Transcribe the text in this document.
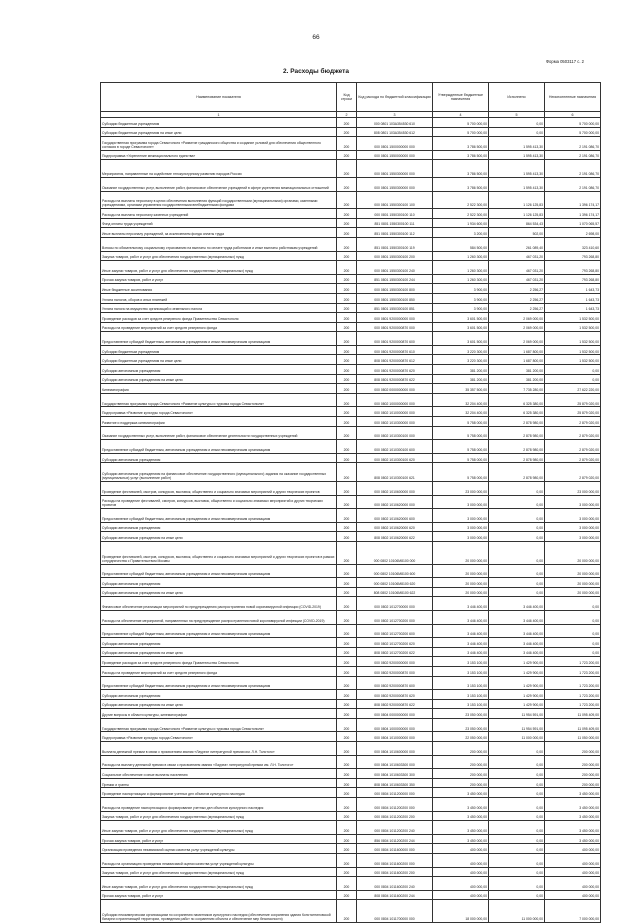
66
Форма 0503117 с. 2
2. Расходы бюджета
Наименование показателя	Код строки	Код расхода по бюджетной классификации	Утвержденные бюджетные назначения	Исполнено	Неисполненные назначения
1	2	3	4	5	6
Субсидии бюджетным учреждениям	200	000 0801 103А354530 610	5 700 000,00	0,00	5 700 000,00
Субсидии бюджетным учреждениям на иные цели	200	808 0801 103А354530 612	5 700 000,00	0,00	5 700 000,00
Государственная программа города Севастополя «Развитие гражданского общества и создание условий для обеспечения общественного согласия в городе Севастополе»	200	000 0801 1500000000 000	3 786 500,00	1 595 413,30	2 191 086,70
Подпрограмма «Укрепление межнационального единства»	200	000 0801 1550000000 000	3 786 500,00	1 595 413,30	2 191 086,70
Мероприятия, направленные на содействие этнокультурному развитию народов России	200	000 0801 1550300000 000	3 786 500,00	1 595 413,30	2 191 086,70
Оказание государственных услуг, выполнение работ, финансовое обеспечение учреждений в сфере укрепления межнациональных отношений	200	000 0801 1550300000 000	3 786 500,00	1 595 413,30	2 191 086,70
Расходы на выплаты персоналу в целях обеспечения выполнения функций государственными (муниципальными) органами, казенными учреждениями, органами управления государственными внебюджетными фондами	200	000 0801 1550300100 100	2 522 300,00	1 126 125,83	1 396 174,17
Расходы на выплаты персоналу казенных учреждений	200	000 0801 1550300100 110	2 522 300,00	1 126 125,83	1 396 174,17
Фонд оплаты труда учреждений	200	851 0801 1550300100 111	1 934 600,00	864 534,43	1 070 065,57
Иные выплаты персоналу учреждений, за исключением фонда оплаты труда	200	851 0801 1550300100 112	3 200,00	502,00	2 698,00
Взносы по обязательному социальному страхованию на выплаты по оплате труда работников и иные выплаты работникам учреждений	200	851 0801 1550300100 119	584 500,00	261 089,40	323 410,60
Закупка товаров, работ и услуг для обеспечения государственных (муниципальных) нужд	200	000 0801 1550300100 200	1 260 300,00	467 031,20	793 268,80
Иные закупки товаров, работ и услуг для обеспечения государственных (муниципальных) нужд	200	000 0801 1550300100 240	1 260 300,00	467 031,20	793 268,80
Прочая закупка товаров, работ и услуг	200	851 0801 1550300100 244	1 260 300,00	467 031,20	793 268,80
Иные бюджетные ассигнования	200	000 0801 1550300100 800	3 900,00	2 256,27	1 643,73
Уплата налогов, сборов и иных платежей	200	000 0801 1550300100 850	3 900,00	2 256,27	1 643,73
Уплата налога на имущество организаций и земельного налога	200	851 0801 1550300100 851	3 900,00	2 256,27	1 643,73
Проведение расходов за счет средств резервного фонда Правительства Севастополя	200	000 0801 9200000000 000	3 601 500,00	2 069 000,00	1 532 500,00
Расходы на проведение мероприятий за счет средств резервного фонда	200	000 0801 9200000870 000	3 601 500,00	2 069 000,00	1 532 500,00
Предоставление субсидий бюджетным, автономным учреждениям и иным некоммерческим организациям	200	000 0801 9200000870 600	3 601 500,00	2 069 000,00	1 532 500,00
Субсидии бюджетным учреждениям	200	000 0801 9200000870 610	3 220 300,00	1 687 800,00	1 532 500,00
Субсидии бюджетным учреждениям на иные цели	200	808 0801 9200000870 612	3 220 300,00	1 687 800,00	1 532 500,00
Субсидии автономным учреждениям	200	000 0801 9200000870 620	381 200,00	381 200,00	0,00
Субсидии автономным учреждениям на иные цели	200	808 0801 9200000870 622	381 200,00	381 200,00	0,00
Кинематография	200	000 0802 0000000000 000	35 357 500,00	7 735 280,00	27 622 220,00
Государственная программа города Севастополя «Развитие культуры и туризма города Севастополя»	200	000 0802 1000000000 000	32 204 400,00	6 325 380,00	25 879 020,00
Подпрограмма «Развитие культуры города Севастополя»	200	000 0802 1010000000 000	32 204 400,00	6 325 380,00	25 879 020,00
Развитие и поддержка кинематографии	200	000 0802 1010300000 000	5 758 000,00	2 878 980,00	2 879 020,00
Оказание государственных услуг, выполнение работ, финансовое обеспечение деятельности государственных учреждений	200	000 0802 1010300100 000	5 758 000,00	2 878 980,00	2 879 020,00
Предоставление субсидий бюджетным, автономным учреждениям и иным некоммерческим организациям	200	000 0802 1010300100 600	5 758 000,00	2 878 980,00	2 879 020,00
Субсидии автономным учреждениям	200	000 0802 1010300100 620	5 758 000,00	2 878 980,00	2 879 020,00
Субсидии автономным учреждениям на финансовое обеспечение государственного (муниципального) задания на оказание государственных (муниципальных) услуг (выполнение работ)	200	808 0802 1010300100 621	5 758 000,00	2 878 980,00	2 879 020,00
Проведение фестивалей, смотров, конкурсов, выставок, общественно и социально значимых мероприятий и других творческих проектов	200	000 0802 1010600000 000	23 000 000,00	0,00	23 000 000,00
Расходы на проведение фестивалей, смотров, конкурсов, выставок, общественно и социально значимых мероприятий и других творческих проектов	200	000 0802 1010620000 000	3 000 000,00	0,00	3 000 000,00
Предоставление субсидий бюджетным, автономным учреждениям и иным некоммерческим организациям	200	000 0802 1010620000 600	3 000 000,00	0,00	3 000 000,00
Субсидии автономным учреждениям	200	000 0802 1010620000 620	3 000 000,00	0,00	3 000 000,00
Субсидии автономным учреждениям на иные цели	200	808 0802 1010620000 622	3 000 000,00	0,00	3 000 000,00
Проведение фестивалей, смотров, конкурсов, выставок, общественно и социально значимых мероприятий и других творческих проектов в рамках сотрудничества с Правительством Москвы	200	000 0802 10106М8100 000	20 000 000,00	0,00	20 000 000,00
Предоставление субсидий бюджетным, автономным учреждениям и иным некоммерческим организациям	200	000 0802 10106М8100 600	20 000 000,00	0,00	20 000 000,00
Субсидии автономным учреждениям	200	000 0802 10106М8100 620	20 000 000,00	0,00	20 000 000,00
Субсидии автономным учреждениям на иные цели	200	808 0802 10106М8100 622	20 000 000,00	0,00	20 000 000,00
Финансовое обеспечение реализации мероприятий по предупреждению распространения новой коронавирусной инфекции (COVID-2019)	200	000 0802 1012700000 000	3 446 400,00	3 446 400,00	0,00
Расходы на обеспечение мероприятий, направленных на предупреждение распространения новой коронавирусной инфекции (COVID-2019)	200	000 0802 1012700200 000	3 446 400,00	3 446 400,00	0,00
Предоставление субсидий бюджетным, автономным учреждениям и иным некоммерческим организациям	200	000 0802 1012700200 600	3 446 400,00	3 446 400,00	0,00
Субсидии автономным учреждениям	200	000 0802 1012700200 620	3 446 400,00	3 446 400,00	0,00
Субсидии автономным учреждениям на иные цели	200	808 0802 1012700200 622	3 446 400,00	3 446 400,00	0,00
Проведение расходов за счет средств резервного фонда Правительства Севастополя	200	000 0802 9200000000 000	3 153 100,00	1 429 900,00	1 723 200,00
Расходы на проведение мероприятий за счет средств резервного фонда	200	000 0802 9200000870 000	3 153 100,00	1 429 900,00	1 723 200,00
Предоставление субсидий бюджетным, автономным учреждениям и иным некоммерческим организациям	200	000 0802 9200000870 600	3 153 100,00	1 429 900,00	1 723 200,00
Субсидии автономным учреждениям	200	000 0802 9200000870 620	3 153 100,00	1 429 900,00	1 723 200,00
Субсидии автономным учреждениям на иные цели	200	808 0802 9200000870 622	3 153 100,00	1 429 900,00	1 723 200,00
Другие вопросы в области культуры, кинематографии	200	000 0804 0000000000 000	23 050 000,00	11 954 591,00	11 095 409,00
Государственная программа города Севастополя «Развитие культуры и туризма города Севастополя»	200	000 0804 1000000000 000	23 050 000,00	11 954 591,00	11 095 409,00
Подпрограмма «Развитие культуры города Севастополя»	200	000 0804 1010000000 000	22 050 000,00	11 000 000,00	11 050 000,00
Выплата денежной премии в связи с присвоением звания «Лауреат литературной премии им. Л.Н. Толстого»	200	000 0804 1010600000 000	200 000,00	0,00	200 000,00
Расходы на выплату денежной премии в связи с присвоением звания «Лауреат литературной премии им. Л.Н. Толстого»	200	000 0804 1010603300 000	200 000,00	0,00	200 000,00
Социальное обеспечение и иные выплаты населению	200	000 0804 1010603300 300	200 000,00	0,00	200 000,00
Премии и гранты	200	808 0804 1010603300 350	200 000,00	0,00	200 000,00
Проведение паспортизации и формирование учетных дел объектов культурного наследия	200	000 0804 1011200000 000	3 450 000,00	0,00	3 450 000,00
Расходы на проведение паспортизации и формирование учетных дел объектов культурного наследия	200	000 0804 1011200200 000	3 450 000,00	0,00	3 450 000,00
Закупка товаров, работ и услуг для обеспечения государственных (муниципальных) нужд	200	000 0804 1011200200 200	3 450 000,00	0,00	3 450 000,00
Иные закупки товаров, работ и услуг для обеспечения государственных (муниципальных) нужд	200	000 0804 1011200200 240	3 450 000,00	0,00	3 450 000,00
Прочая закупка товаров, работ и услуг	200	856 0804 1011200200 244	3 450 000,00	0,00	3 450 000,00
Организация проведения независимой оценки качества услуг учреждений культуры	200	000 0804 1011600000 000	400 000,00	0,00	400 000,00
Расходы на организацию проведения независимой оценки качества услуг учреждений культуры	200	000 0804 1011600200 000	400 000,00	0,00	400 000,00
Закупка товаров, работ и услуг для обеспечения государственных (муниципальных) нужд	200	000 0804 1011600200 200	400 000,00	0,00	400 000,00
Иные закупки товаров, работ и услуг для обеспечения государственных (муниципальных) нужд	200	000 0804 1011600200 240	400 000,00	0,00	400 000,00
Прочая закупка товаров, работ и услуг	200	808 0804 1011600200 244	400 000,00	0,00	400 000,00
Субсидии некоммерческим организациям по сохранению памятников культурного наследия (обеспечение сохранения здания Константиновской батареи и прилегающей территории, проведения работ по сохранению объекта и обеспечение мер безопасности)	200	000 0804 1011700000 000	18 000 000,00	11 000 000,00	7 000 000,00
